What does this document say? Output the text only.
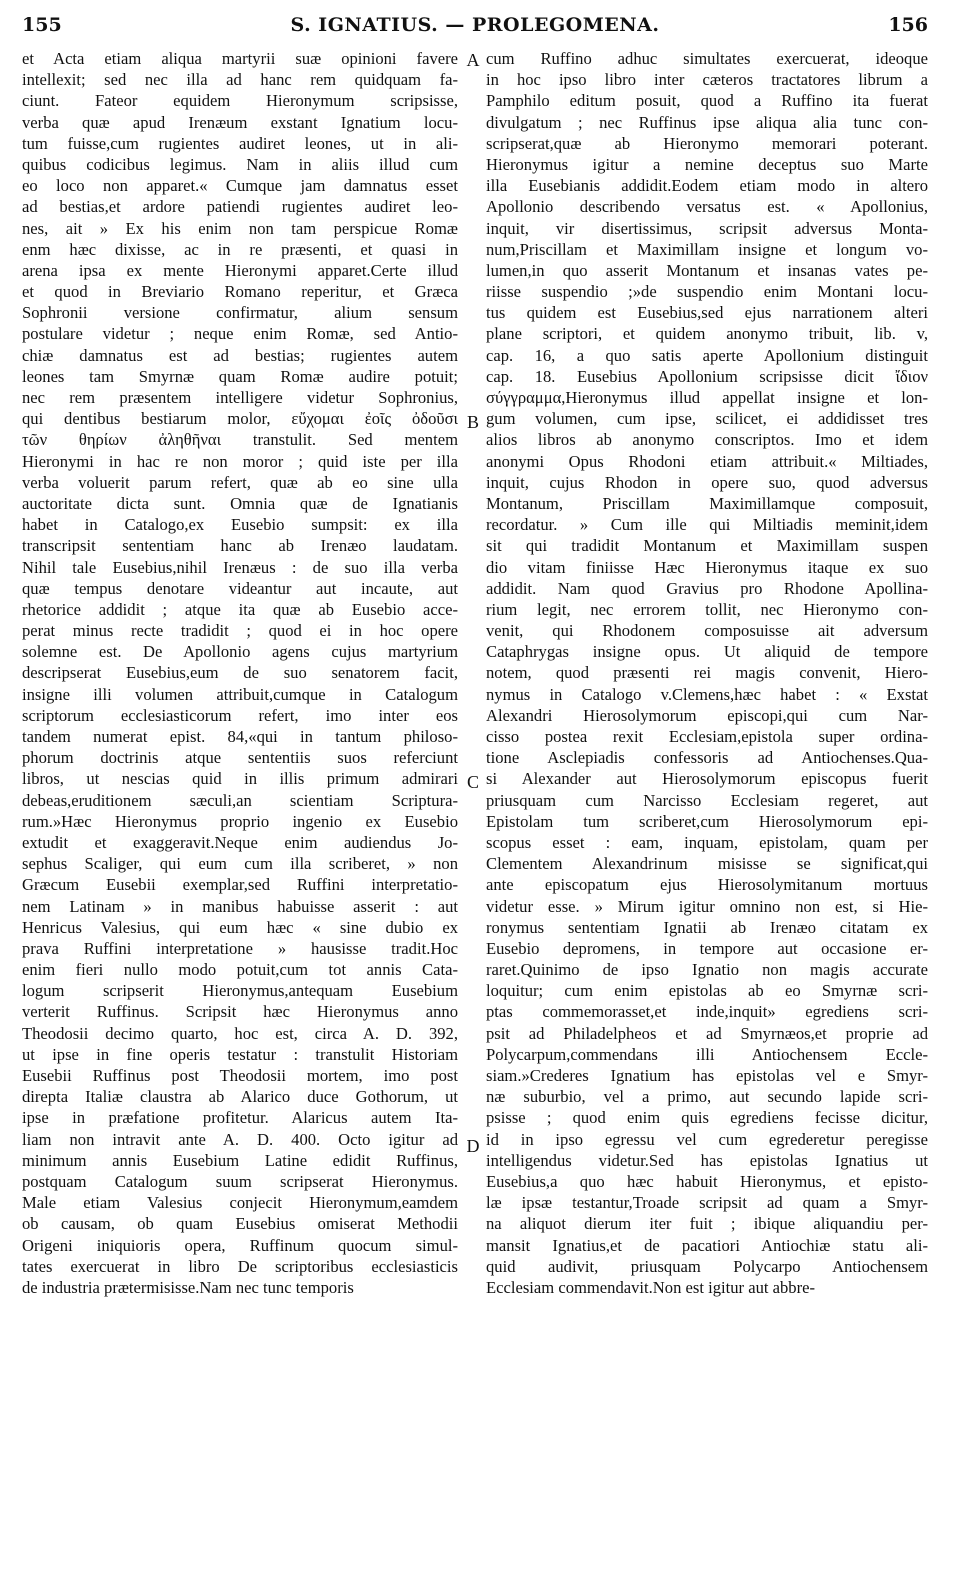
155	S. IGNATIUS. — PROLEGOMENA.	156
et Acta etiam aliqua martyrii suæ opinioni favere
intellexit; sed nec illa ad hanc rem quidquam fa-
ciunt. Fateor equidem Hieronymum scripsisse,
verba quæ apud Irenæum exstant Ignatium locu-
tum fuisse,cum rugientes audiret leones, ut in ali-
quibus codicibus legimus. Nam in aliis illud cum
eo loco non apparet.« Cumque jam damnatus esset
ad bestias,et ardore patiendi rugientes audiret leo-
nes, ait » Ex his enim non tam perspicue Romæ
enm hæc dixisse, ac in re præsenti, et quasi in
arena ipsa ex mente Hieronymi apparet.Certe illud
et quod in Breviario Romano reperitur, et Græca
Sophronii versione confirmatur, alium sensum
postulare videtur ; neque enim Romæ, sed Antio-
chiæ damnatus est ad bestias; rugientes autem
leones tam Smyrnæ quam Romæ audire potuit;
nec rem præsentem intelligere videtur Sophronius,
qui dentibus bestiarum molor, εὔχομαι ἐοῖς ὀδοῦσι
τῶν θηρίων ἀληθῆναι transtulit. Sed mentem
Hieronymi in hac re non moror ; quid iste per illa
verba voluerit parum refert, quæ ab eo sine ulla
auctoritate dicta sunt. Omnia quæ de Ignatianis
habet in Catalogo,ex Eusebio sumpsit: ex illa
transcripsit sententiam hanc ab Irenæo laudatam.
Nihil tale Eusebius,nihil Irenæus : de suo illa verba
quæ tempus denotare videantur aut incaute, aut
rhetorice addidit ; atque ita quæ ab Eusebio acce-
perat minus recte tradidit ; quod ei in hoc opere
solemne est. De Apollonio agens cujus martyrium
descripserat Eusebius,eum de suo senatorem facit,
insigne illi volumen attribuit,cumque in Catalogum
scriptorum ecclesiasticorum refert, imo inter eos
tandem numerat epist. 84,«qui in tantum philoso-
phorum doctrinis atque sententiis suos referciunt
libros, ut nescias quid in illis primum admirari
debeas,eruditionem sæculi,an scientiam Scriptura-
rum.»Hæc Hieronymus proprio ingenio ex Eusebio
extudit et exaggeravit.Neque enim audiendus Jo-
sephus Scaliger, qui eum cum illa scriberet, » non
Græcum Eusebii exemplar,sed Ruffini interpretatio-
nem Latinam » in manibus habuisse asserit : aut
Henricus Valesius, qui eum hæc « sine dubio ex
prava Ruffini interpretatione » hausisse tradit.Hoc
enim fieri nullo modo potuit,cum tot annis Cata-
logum scripserit Hieronymus,antequam Eusebium
verterit Ruffinus. Scripsit hæc Hieronymus anno
Theodosii decimo quarto, hoc est, circa A. D. 392,
ut ipse in fine operis testatur : transtulit Historiam
Eusebii Ruffinus post Theodosii mortem, imo post
direpta Italiæ claustra ab Alarico duce Gothorum, ut
ipse in præfatione profitetur. Alaricus autem Ita-
liam non intravit ante A. D. 400. Octo igitur ad
minimum annis Eusebium Latine edidit Ruffinus,
postquam Catalogum suum scripserat Hieronymus.
Male etiam Valesius conjecit Hieronymum,eamdem
ob causam, ob quam Eusebius omiserat Methodii
Origeni iniquioris opera, Ruffinum quocum simul-
tates exercuerat in libro De scriptoribus ecclesiasticis
de industria prætermisisse.Nam nec tunc temporis
A
B
C
D
cum Ruffino adhuc simultates exercuerat, ideoque
in hoc ipso libro inter cæteros tractatores librum a
Pamphilo editum posuit, quod a Ruffino ita fuerat
divulgatum ; nec Ruffinus ipse aliqua alia tunc con-
scripserat,quæ ab Hieronymo memorari poterant.
Hieronymus igitur a nemine deceptus suo Marte
illa Eusebianis addidit.Eodem etiam modo in altero
Apollonio describendo versatus est. « Apollonius,
inquit, vir disertissimus, scripsit adversus Monta-
num,Priscillam et Maximillam insigne et longum vo-
lumen,in quo asserit Montanum et insanas vates pe-
riisse suspendio ;»de suspendio enim Montani locu-
tus quidem est Eusebius,sed ejus narrationem alteri
plane scriptori, et quidem anonymo tribuit, lib. v,
cap. 16, a quo satis aperte Apollonium distinguit
cap. 18. Eusebius Apollonium scripsisse dicit ἴδιον
σύγγραμμα,Hieronymus illud appellat insigne et lon-
gum volumen, cum ipse, scilicet, ei addidisset tres
alios libros ab anonymo conscriptos. Imo et idem
anonymi Opus Rhodoni etiam attribuit.« Miltiades,
inquit, cujus Rhodon in opere suo, quod adversus
Montanum, Priscillam Maximillamque composuit,
recordatur. » Cum ille qui Miltiadis meminit,idem
sit qui tradidit Montanum et Maximillam suspen
dio vitam finiisse Hæc Hieronymus itaque ex suo
addidit. Nam quod Gravius pro Rhodone Apollina-
rium legit, nec errorem tollit, nec Hieronymo con-
venit, qui Rhodonem composuisse ait adversum
Cataphrygas insigne opus. Ut aliquid de tempore
notem, quod præsenti rei magis convenit, Hiero-
nymus in Catalogo v.Clemens,hæc habet : « Exstat
Alexandri Hierosolymorum episcopi,qui cum Nar-
cisso postea rexit Ecclesiam,epistola super ordina-
tione Asclepiadis confessoris ad Antiochenses.Qua-
si Alexander aut Hierosolymorum episcopus fuerit
priusquam cum Narcisso Ecclesiam regeret, aut
Epistolam tum scriberet,cum Hierosolymorum epi-
scopus esset : eam, inquam, epistolam, quam per
Clementem Alexandrinum misisse se significat,qui
ante episcopatum ejus Hierosolymitanum mortuus
videtur esse. » Mirum igitur omnino non est, si Hie-
ronymus sententiam Ignatii ab Irenæo citatam ex
Eusebio depromens, in tempore aut occasione er-
raret.Quinimo de ipso Ignatio non magis accurate
loquitur; cum enim epistolas ab eo Smyrnæ scri-
ptas commemorasset,et inde,inquit» egrediens scri-
psit ad Philadelpheos et ad Smyrnæos,et proprie ad
Polycarpum,commendans illi Antiochensem Eccle-
siam.»Crederes Ignatium has epistolas vel e Smyr-
næ suburbio, vel a primo, aut secundo lapide scri-
psisse ; quod enim quis egrediens fecisse dicitur,
id in ipso egressu vel cum egrederetur peregisse
intelligendus videtur.Sed has epistolas Ignatius ut
Eusebius,a quo hæc habuit Hieronymus, et episto-
læ ipsæ testantur,Troade scripsit ad quam a Smyr-
na aliquot dierum iter fuit ; ibique aliquandiu per-
mansit Ignatius,et de pacatiori Antiochiæ statu ali-
quid audivit, priusquam Polycarpo Antiochensem
Ecclesiam commendavit.Non est igitur aut abbre-
